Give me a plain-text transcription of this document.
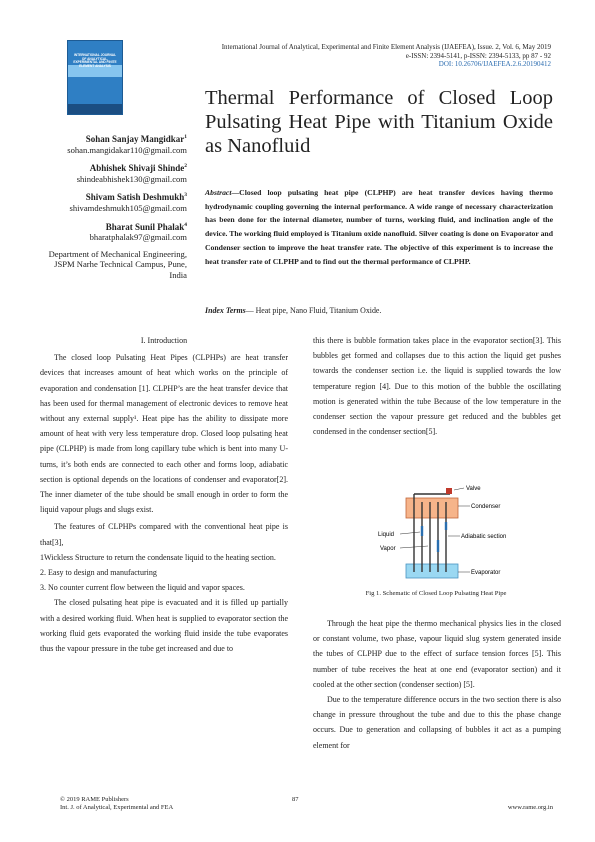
International Journal of Analytical, Experimental and Finite Element Analysis (IJAEFEA), Issue. 2, Vol. 6, May 2019
e-ISSN: 2394-5141, p-ISSN: 2394-5133, pp 87 - 92
DOI: 10.26706/IJAEFEA.2.6.20190412
INTERNATIONAL JOURNAL OF ANALYTICAL, EXPERIMENTAL AND FINITE ELEMENT ANALYSIS
Thermal Performance of Closed Loop Pulsating Heat Pipe with Titanium Oxide as Nanofluid
Sohan Sanjay Mangidkar$^1$
sohan.mangidakar110@gmail.com
Abhishek Shivaji Shinde$^2$
shindeabhishek130@gmail.com
Shivam Satish Deshmukh$^3$
shivamdeshmukh105@gmail.com
Bharat Sunil Phalak$^4$
bharatphalak97@gmail.com
Department of Mechanical Engineering, JSPM Narhe Technical Campus, Pune, India
Abstract—Closed loop pulsating heat pipe (CLPHP) are heat transfer devices having thermo hydrodynamic coupling governing the internal performance. A wide range of necessary characterization has been done for the internal diameter, number of turns, working fluid, and inclination angle of the device. The working fluid employed is Titanium oxide nanofluid. Silver coating is done on Evaporator and Condenser section to improve the heat transfer rate. The objective of this experiment is to increase the heat transfer rate of CLPHP and to find out the thermal performance of CLPHP.
Index Terms— Heat pipe, Nano Fluid, Titanium Oxide.
I. Introduction

The closed loop Pulsating Heat Pipes (CLPHPs) are heat transfer devices that increases amount of heat which works on the principle of evaporation and condensation [1]. CLPHP’s are the heat transfer device that has been used for thermal management of electronic devices to remove heat without any external supply¹. Heat pipe has the ability to dissipate more amount of heat with very less temperature drop. Closed loop pulsating heat pipe (CLPHP) is made from long capillary tube which is bent into many U-turns, it’s both ends are connected to each other and forms loop, adiabatic section is optional depends on the locations of condenser and evaporator[2]. The inner diameter of the tube should be small enough in order to form the liquid vapour plugs and slugs exist.

The features of CLPHPs compared with the conventional heat pipe is that[3],

1Wickless Structure to return the condensate liquid to the heating section.

2. Easy to design and manufacturing

3. No counter current flow between the liquid and vapor spaces.

The closed pulsating heat pipe is evacuated and it is filled up partially with a desired working fluid. When heat is supplied to evaporator section the working fluid gets evaporated the working fluid inside the tube evaporates thus the vapour pressure in the tube get increased and due to

this there is bubble formation takes place in the evaporator section[3]. This bubbles get formed and collapses due to this action the liquid get pushes towards the condenser section i.e. the liquid is supplied towards the low temperature region [4]. Due to this motion of the bubble the oscillating motion is generated within the tube Because of the low temperature in the condenser section the vapour pressure get reduced and the bubbles get condensed in the condenser section[5].

Valve
Condenser
Liquid	Adiabatic section
Vapor
Evaporator
Fig 1. Schematic of Closed Loop Pulsating Heat Pipe

Through the heat pipe the thermo mechanical physics lies in the closed or constant volume, two phase, vapour liquid slug system generated inside the tubes of CLPHP due to the effect of surface tension forces [5]. This number of tube receives the heat at one end (evaporator section) and it cooled at the other section (condenser section) [5].

Due to the temperature difference occurs in the two section there is also change in pressure throughout the tube and due to this the phase change occurs. Due to generation and collapsing of bubbles it act as a pumping element for

© 2019 RAME Publishers
Int. J. of Analytical, Experimental and FEA
87
www.rame.org.in
